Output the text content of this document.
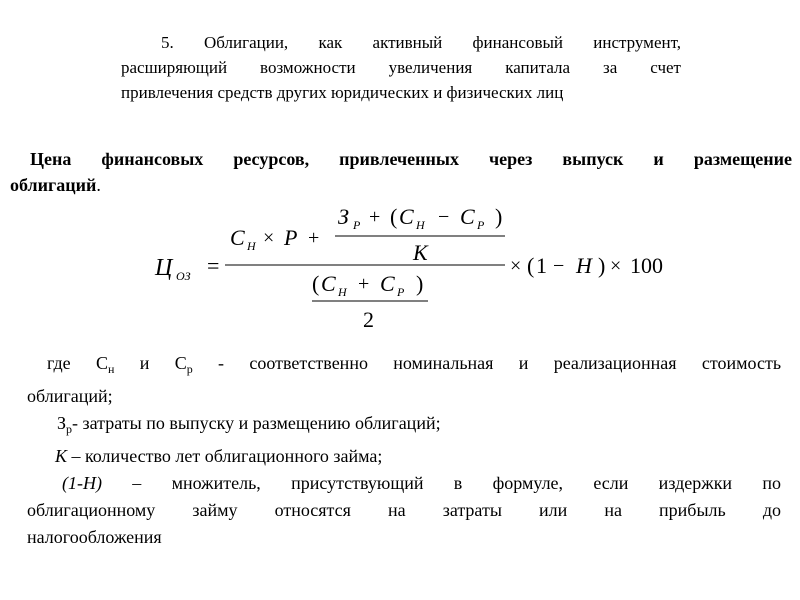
5. Облигации, как активный финансовый инструмент,
расширяющий возможности увеличения капитала за счет
привлечения средств других юридических и физических лиц
Цена финансовых ресурсов, привлеченных через выпуск и размещение
облигаций.
Ц ОЗ =
C Н × P +
З Р + ( C Н − C Р )
K
( C Н + C Р )
2
× ( 1 − H ) × 100
где $С_н$ и $С_р$ - соответственно номинальная и реализационная стоимость
облигаций;
$З_р-$ затраты по выпуску и размещению облигаций;
К – количество лет облигационного займа;
(1-Н) – множитель, присутствующий в формуле, если издержки по
облигационному займу относятся на затраты или на прибыль до
налогообложения
